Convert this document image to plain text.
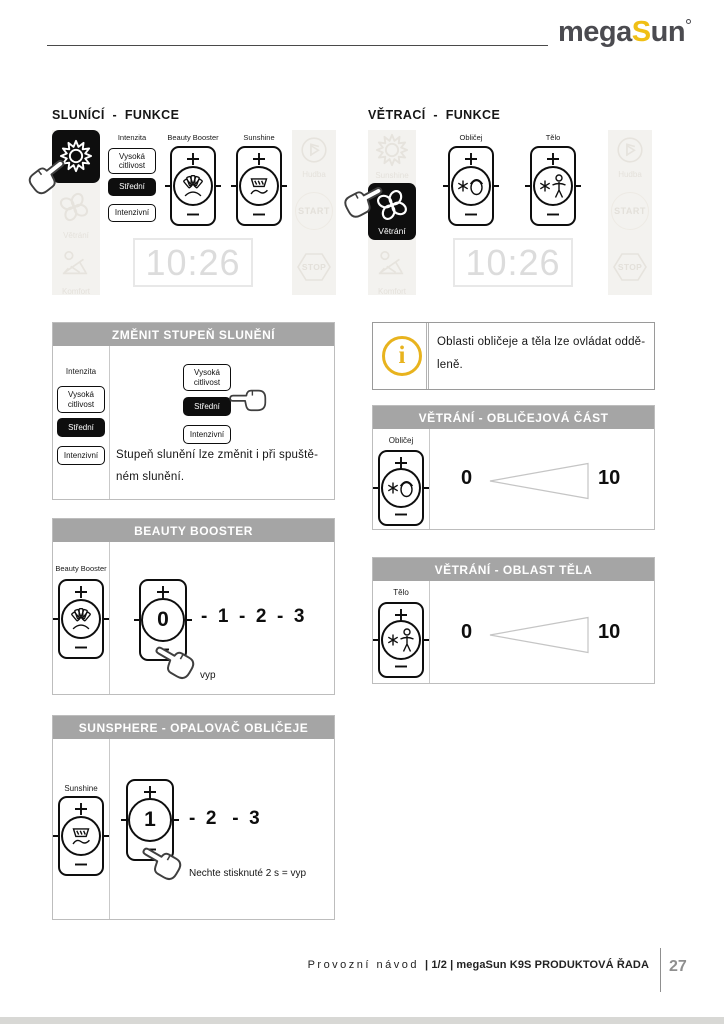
megaSun
SLUNÍCÍ  -  FUNKCE
Větrání
Komfort
Intenzita
Vysoká citlivost
Střední
Intenzivní
Beauty Booster	Sunshine
Hudba
START
STOP
10:26
VĚTRACÍ  -  FUNKCE
Sunshine
Komfort
Větrání
Obličej	Tělo
Hudba
START
STOP
10:26
ZMĚNIT STUPEŇ SLUNĚNÍ
Intenzita
Vysoká citlivost
Střední
Intenzivní
Vysoká citlivost
Střední
Intenzivní
Stupeň slunění lze změnit i při spuště-
ném slunění.
BEAUTY BOOSTER
Beauty Booster
0	-  1  -  2  -  3
vyp
SUNSPHERE - OPALOVAČ OBLIČEJE
Sunshine
1	-  2   -  3
Nechte stisknuté 2 s = vyp
i	Oblasti obličeje a těla lze ovládat oddě-
leně.
VĚTRÁNÍ - OBLIČEJOVÁ ČÁST
Obličej
0	10
VĚTRÁNÍ - OBLAST TĚLA
Tělo
0	10
Provozní návod | 1/2 | megaSun K9S PRODUKTOVÁ ŘADA 27
